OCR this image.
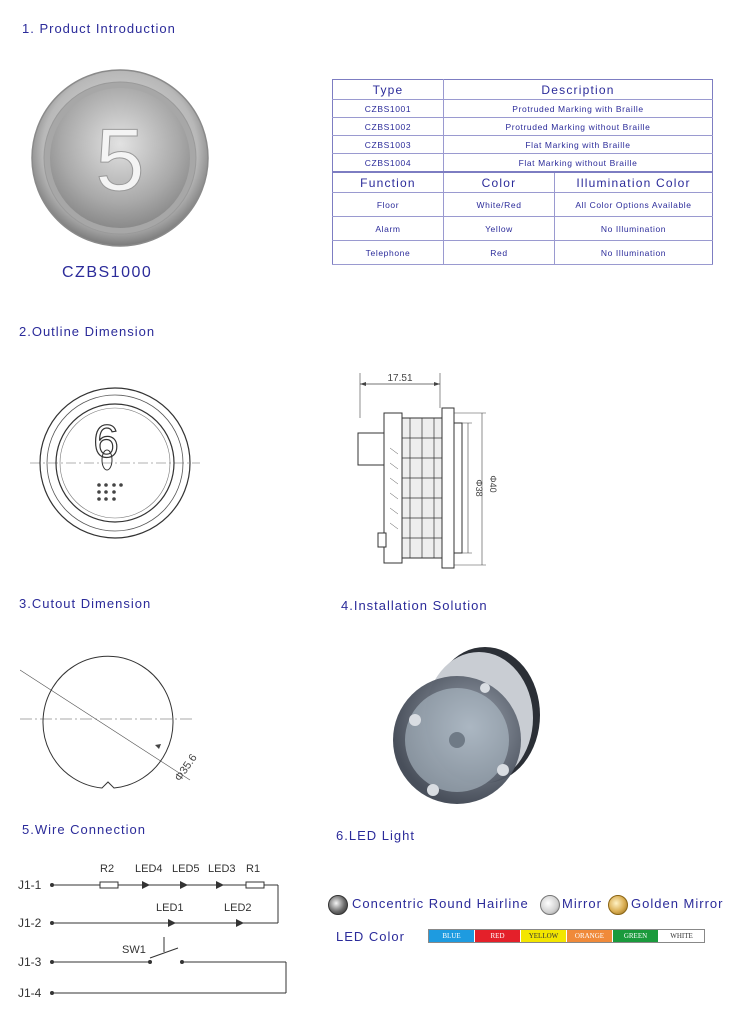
1. Product Introduction
2.Outline Dimension
3.Cutout Dimension	4.Installation Solution
5.Wire Connection	6.LED Light
5
CZBS1000
Type	Description	
CZBS1001	Protruded Marking with Braille	
CZBS1002	Protruded Marking without Braille	
CZBS1003	Flat Marking with Braille	
CZBS1004	Flat Marking without Braille	
Function	Color	Illumination Color
Floor	White/Red	All Color Options Available
Alarm	Yellow	No Illumination
Telephone	Red	No Illumination
6
17.51
Φ38 Φ40
Φ35.6
J1-1
J1-2
J1-3
J1-4
R2 LED4 LED5 LED3 R1
LED1	LED2
SW1
Concentric Round Hairline	Mirror Golden Mirror
LED Color	BLUE	RED	YELLOW	ORANGE	GREEN	WHITE
